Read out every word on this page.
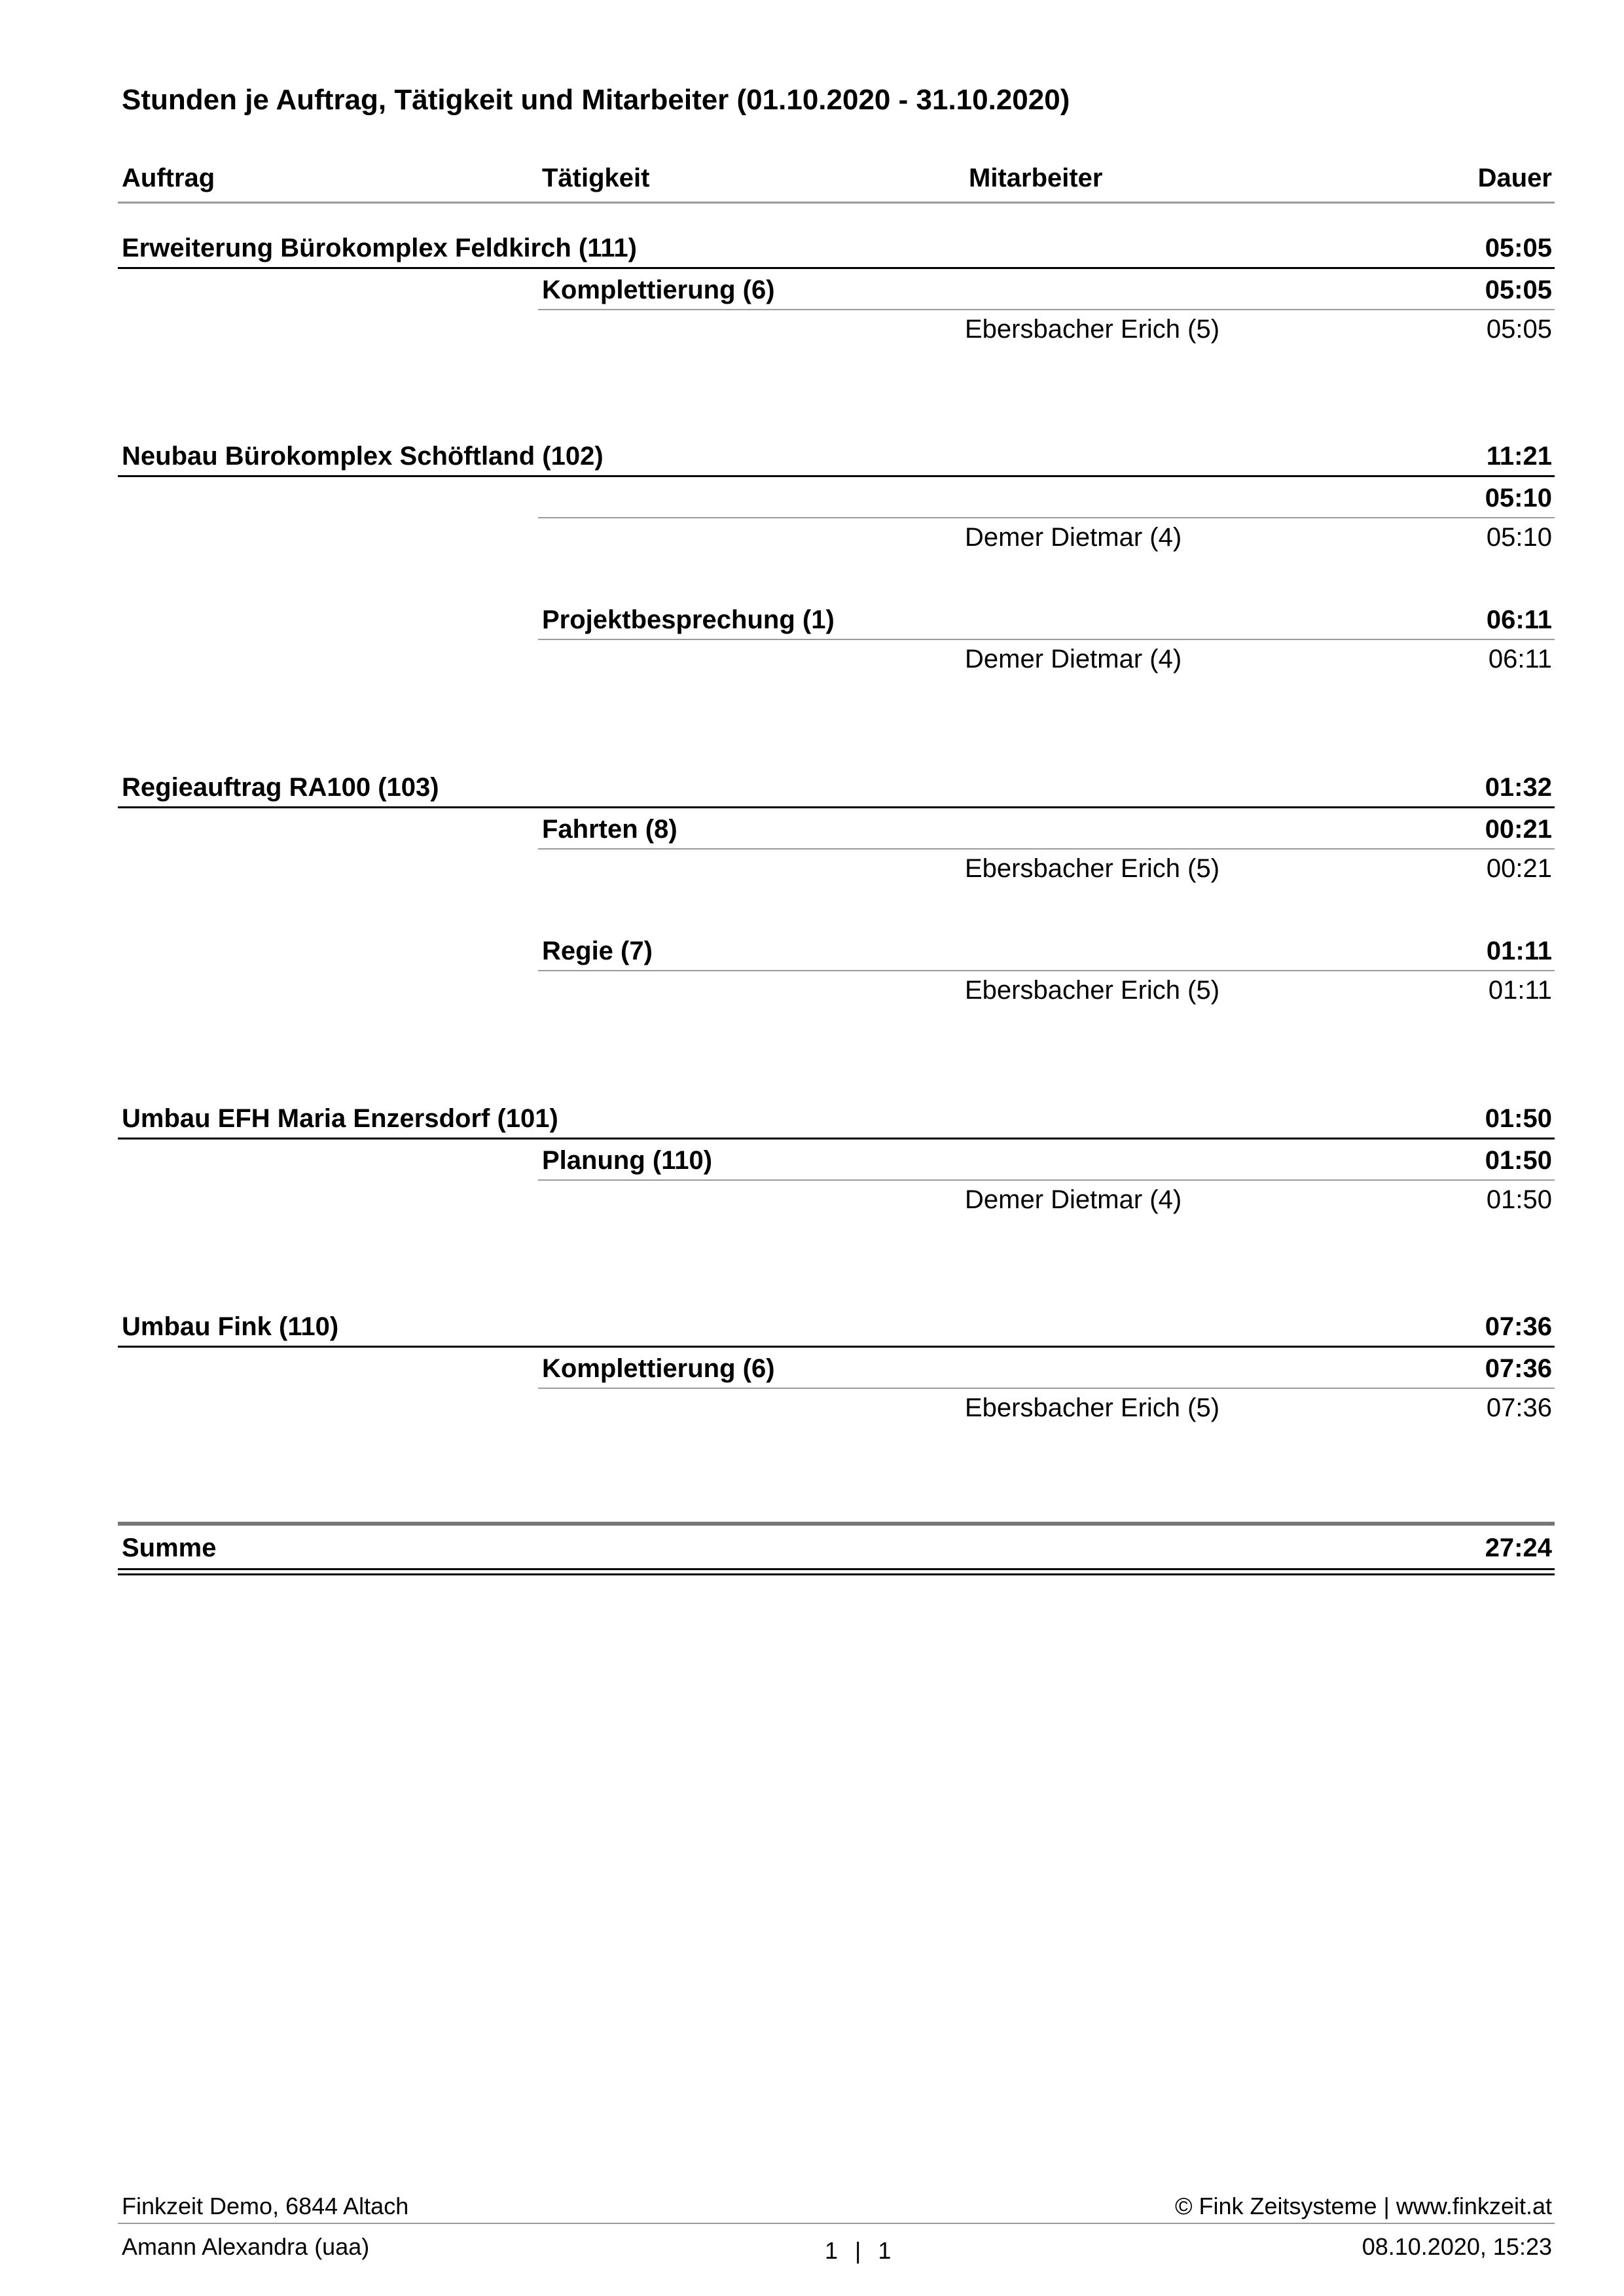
Stunden je Auftrag, Tätigkeit und Mitarbeiter (01.10.2020 - 31.10.2020)
Auftrag	Tätigkeit	Mitarbeiter	Dauer
Erweiterung Bürokomplex Feldkirch (111)	05:05
Komplettierung (6)	05:05
Ebersbacher Erich (5)	05:05
Neubau Bürokomplex Schöftland (102)	11:21
05:10
Demer Dietmar (4)	05:10
Projektbesprechung (1)	06:11
Demer Dietmar (4)	06:11
Regieauftrag RA100 (103)	01:32
Fahrten (8)	00:21
Ebersbacher Erich (5)	00:21
Regie (7)	01:11
Ebersbacher Erich (5)	01:11
Umbau EFH Maria Enzersdorf (101)	01:50
Planung (110)	01:50
Demer Dietmar (4)	01:50
Umbau Fink (110)	07:36
Komplettierung (6)	07:36
Ebersbacher Erich (5)	07:36
Summe	27:24
Finkzeit Demo, 6844 Altach	© Fink Zeitsysteme | www.finkzeit.at
Amann Alexandra (uaa)	1 | 1	08.10.2020, 15:23
